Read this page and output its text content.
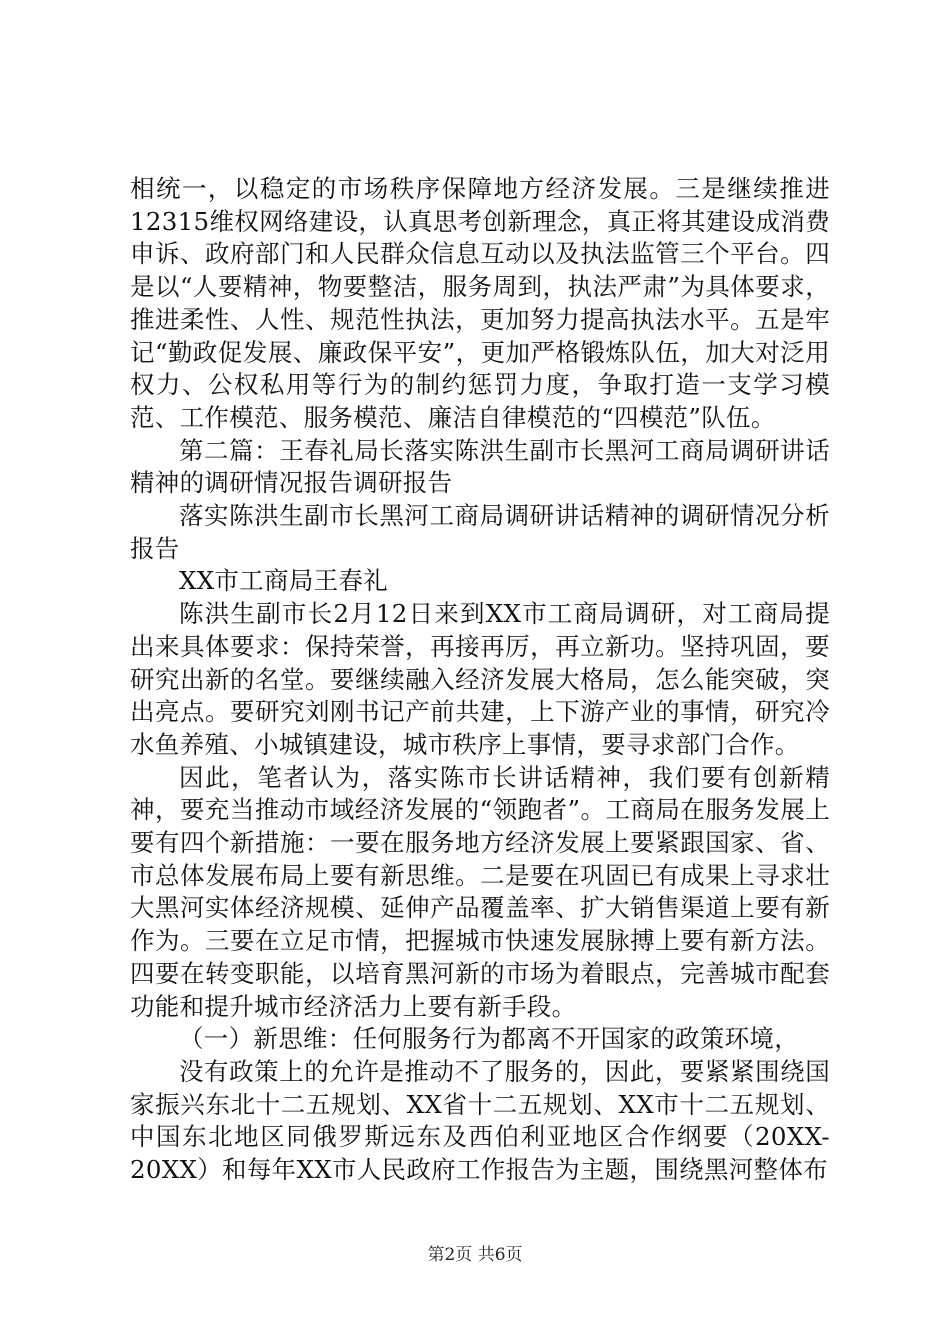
相统一，以稳定的市场秩序保障地方经济发展。三是继续推进12315维权网络建设，认真思考创新理念，真正将其建设成消费申诉、政府部门和人民群众信息互动以及执法监管三个平台。四是以“人要精神，物要整洁，服务周到，执法严肃”为具体要求，推进柔性、人性、规范性执法，更加努力提高执法水平。五是牢记“勤政促发展、廉政保平安”，更加严格锻炼队伍，加大对泛用权力、公权私用等行为的制约惩罚力度，争取打造一支学习模范、工作模范、服务模范、廉洁自律模范的“四模范”队伍。

第二篇：王春礼局长落实陈洪生副市长黑河工商局调研讲话精神的调研情况报告调研报告

落实陈洪生副市长黑河工商局调研讲话精神的调研情况分析报告

XX市工商局王春礼

陈洪生副市长2月12日来到XX市工商局调研，对工商局提出来具体要求：保持荣誉，再接再厉，再立新功。坚持巩固，要研究出新的名堂。要继续融入经济发展大格局，怎么能突破，突出亮点。要研究刘刚书记产前共建，上下游产业的事情，研究冷水鱼养殖、小城镇建设，城市秩序上事情，要寻求部门合作。

因此，笔者认为，落实陈市长讲话精神，我们要有创新精神，要充当推动市域经济发展的“领跑者”。工商局在服务发展上要有四个新措施：一要在服务地方经济发展上要紧跟国家、省、市总体发展布局上要有新思维。二是要在巩固已有成果上寻求壮大黑河实体经济规模、延伸产品覆盖率、扩大销售渠道上要有新作为。三要在立足市情，把握城市快速发展脉搏上要有新方法。四要在转变职能，以培育黑河新的市场为着眼点，完善城市配套功能和提升城市经济活力上要有新手段。

（一）新思维：任何服务行为都离不开国家的政策环境，

没有政策上的允许是推动不了服务的，因此，要紧紧围绕国家振兴东北十二五规划、XX省十二五规划、XX市十二五规划、中国东北地区同俄罗斯远东及西伯利亚地区合作纲要（20XX-20XX）和每年XX市人民政府工作报告为主题，围绕黑河整体布

第2页 共6页
